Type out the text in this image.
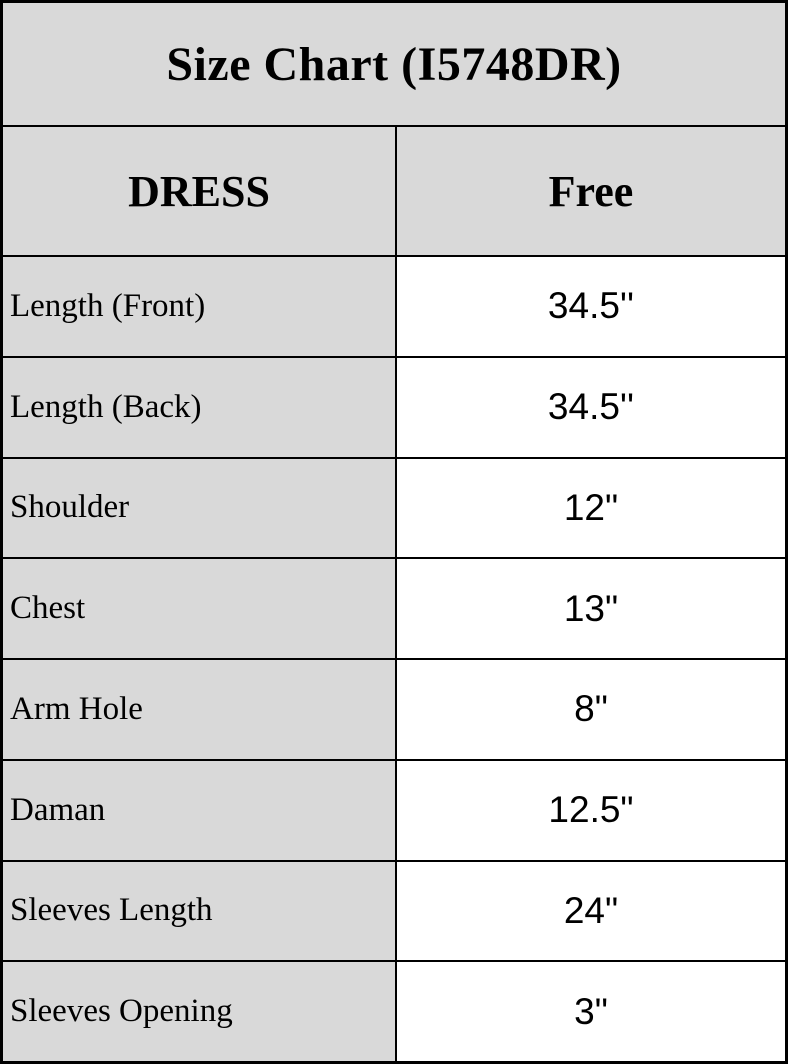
Size Chart (I5748DR)
DRESS	Free
Length (Front)	34.5''
Length (Back)	34.5''
Shoulder	12"
Chest	13"
Arm Hole	8"
Daman	12.5"
Sleeves Length	24"
Sleeves Opening	3"
